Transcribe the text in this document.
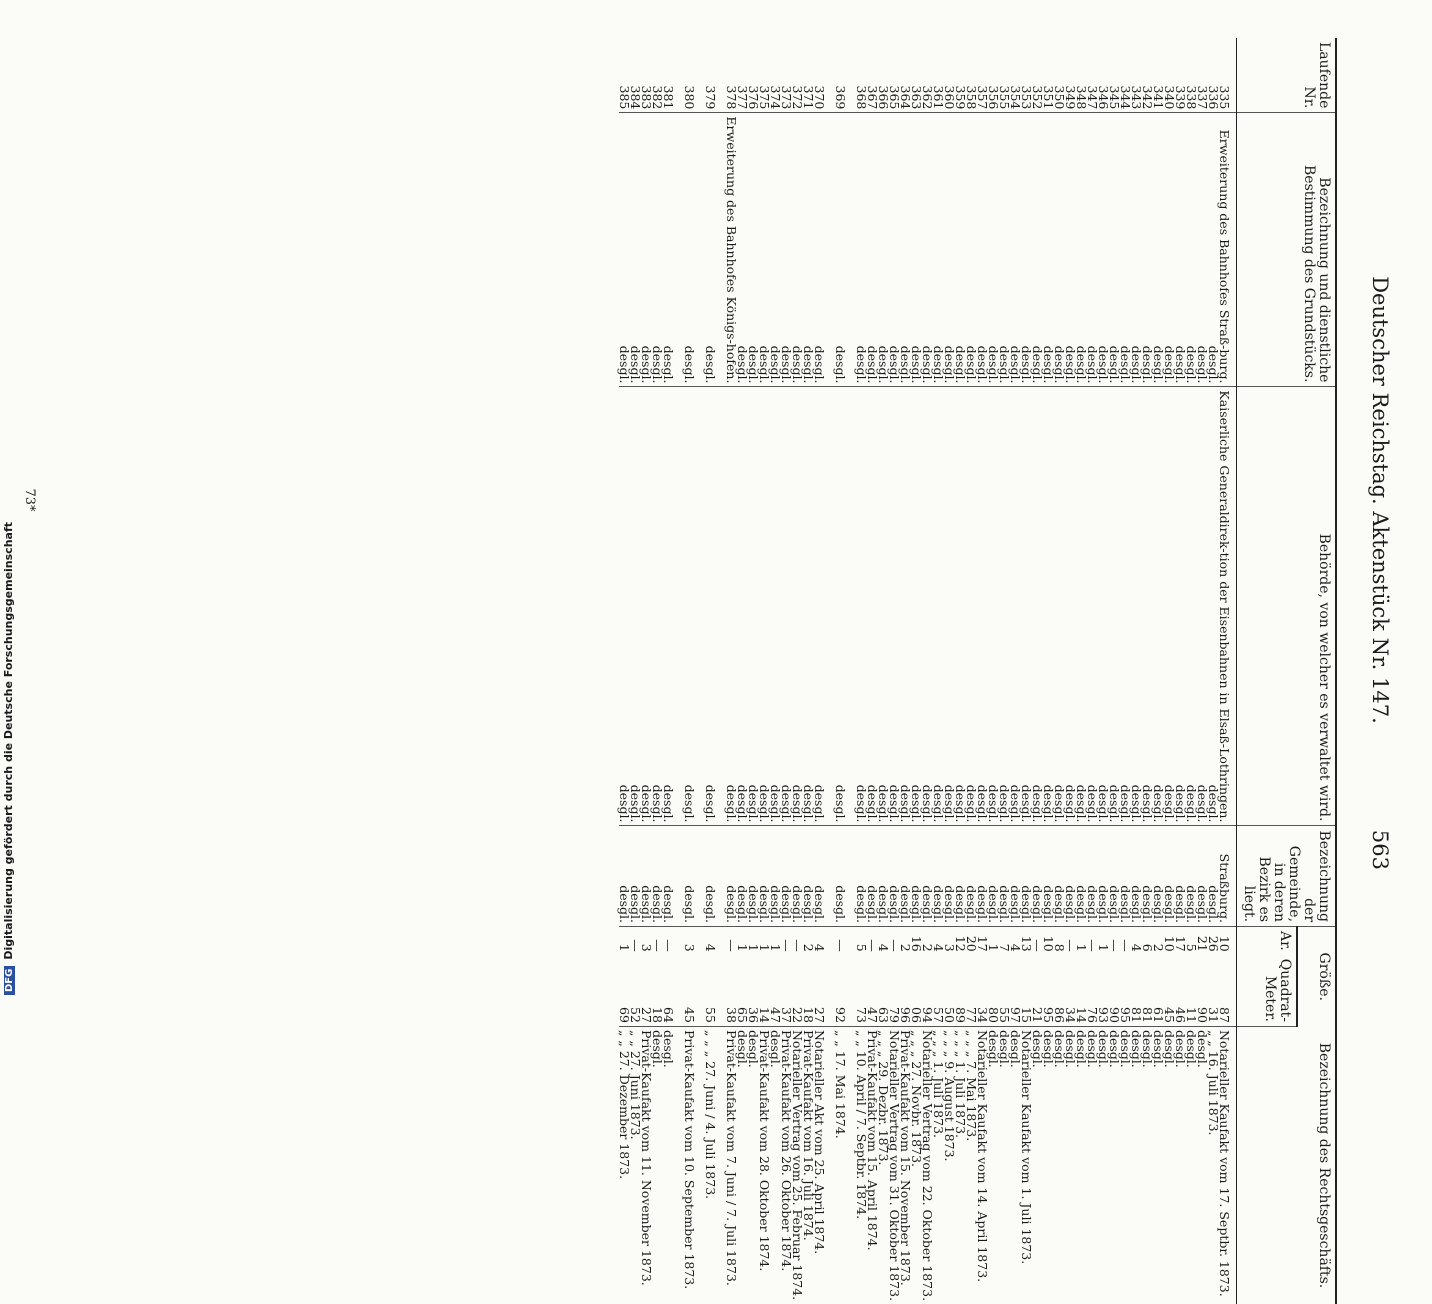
Deutscher Reichstag. Aktenstück Nr. 147.
563
Laufende Nr.	Bezeichnung und dienstliche Bestimmung des Grundstücks.	Behörde, von welcher es verwaltet wird.	Bezeichnung der Gemeinde, in deren Bezirk es liegt.	Größe.		Bezeichnung des Rechtsgeschäfts.
				Ar.	Quadrat-Meter.	
335	Erweiterung des Bahnhofes Straß-burg.	Kaiserliche Generaldirek-tion der Eisenbahnen in Elsaß-Lothringen.	Straßburg.	10	87	Notarieller Kaufakt vom 17. Septbr. 1873.
336	desgl.	desgl.	desgl.	26	31	„ „ 16. Juli 1873.
337	desgl.	desgl.	desgl.	21	90	desgl.
338	desgl.	desgl.	desgl.	5	11	desgl.
339	desgl.	desgl.	desgl.	17	46	desgl.
340	desgl.	desgl.	desgl.	10	45	desgl.
341	desgl.	desgl.	desgl.	2	61	desgl.
342	desgl.	desgl.	desgl.	6	81	desgl.
343	desgl.	desgl.	desgl.	4	81	desgl.
344	desgl.	desgl.	desgl.	—	95	desgl.
345	desgl.	desgl.	desgl.	—	90	desgl.
346	desgl.	desgl.	desgl.	1	93	desgl.
347	desgl.	desgl.	desgl.	—	76	desgl.
348	desgl.	desgl.	desgl.	1	14	desgl.
349	desgl.	desgl.	desgl.	—	34	desgl.
350	desgl.	desgl.	desgl.	8	86	desgl.
351	desgl.	desgl.	desgl.	10	95	desgl.
352	desgl.	desgl.	desgl.	—	21	desgl.
353	desgl.	desgl.	desgl.	13	15	Notarieller Kaufakt vom 1. Juli 1873.
354	desgl.	desgl.	desgl.	4	97	desgl.
355	desgl.	desgl.	desgl.	7	55	desgl.
356	desgl.	desgl.	desgl.	1	80	desgl.
357	desgl.	desgl.	desgl.	17	34	Notarieller Kaufakt vom 14. April 1873.
358	desgl.	desgl.	desgl.	20	77	„ „ „ 7. Mai 1873.
359	desgl.	desgl.	desgl.	12	89	„ „ „ 1. Juli 1873.
360	desgl.	desgl.	desgl.	3	50	„ „ „ 9. August 1873.
361	desgl.	desgl.	desgl.	4	57	„ „ „ 1. Juli 1873.
362	desgl.	desgl.	desgl.	2	94	Notarieller Vertrag vom 22. Oktober 1873.
363	desgl.	desgl.	desgl.	16	06	„ „ „ 27. Novbr. 1873.
364	desgl.	desgl.	desgl.	2	96	Privat-Kaufakt vom 15. November 1873.
365	desgl.	desgl.	desgl.	—	79	Notarieller Vertrag vom 31. Oktober 1873.
366	desgl.	desgl.	desgl.	4	63	„ „ „ 29. Dezbr. 1873.
367	desgl.	desgl.	desgl.	—	47	Privat-Kaufakt vom 15. April 1874.
368	desgl.	desgl.	desgl.	5	73	„ „ 10. April / 7. Septbr. 1874.
369	desgl.	desgl.	desgl.	—	92	„ „ 17. Mai 1874.
370	desgl.	desgl.	desgl.	4	27	Notarieller Akt vom 25. April 1874.
371	desgl.	desgl.	desgl.	2	18	Privat-Kaufakt vom 16. Juli 1874.
372	desgl.	desgl.	desgl.	—	22	Notarieller Vertrag vom 25. Februar 1874.
373	desgl.	desgl.	desgl.	—	37	Privat-Kaufakt vom 26. Oktober 1874.
374	desgl.	desgl.	desgl.	1	47	desgl.
375	desgl.	desgl.	desgl.	1	14	Privat-Kaufakt vom 28. Oktober 1874.
376	desgl.	desgl.	desgl.	1	36	desgl.
377	desgl.	desgl.	desgl.	1	65	desgl.
378	Erweiterung des Bahnhofes Königs-hofen.	desgl.	desgl.	—	38	Privat-Kaufakt vom 7. Juni / 7. Juli 1873.
379	desgl.	desgl.	desgl.	4	55	„ „ „ 27. Juni / 4. Juli 1873.
380	desgl.	desgl.	desgl.	3	45	Privat-Kaufakt vom 10. September 1873.
381	desgl.	desgl.	desgl.	—	64	desgl.
382	desgl.	desgl.	desgl.	—	18	desgl.
383	desgl.	desgl.	desgl.	3	27	Privat-Kaufakt vom 11. November 1873.
384	desgl.	desgl.	desgl.	—	52	„ „ 27. Juni 1873.
385	desgl.	desgl.	desgl.	1	69	„ „ 27. Dezember 1873.
73*
DFGDigitalisierung gefördert durch die Deutsche Forschungsgemeinschaft
